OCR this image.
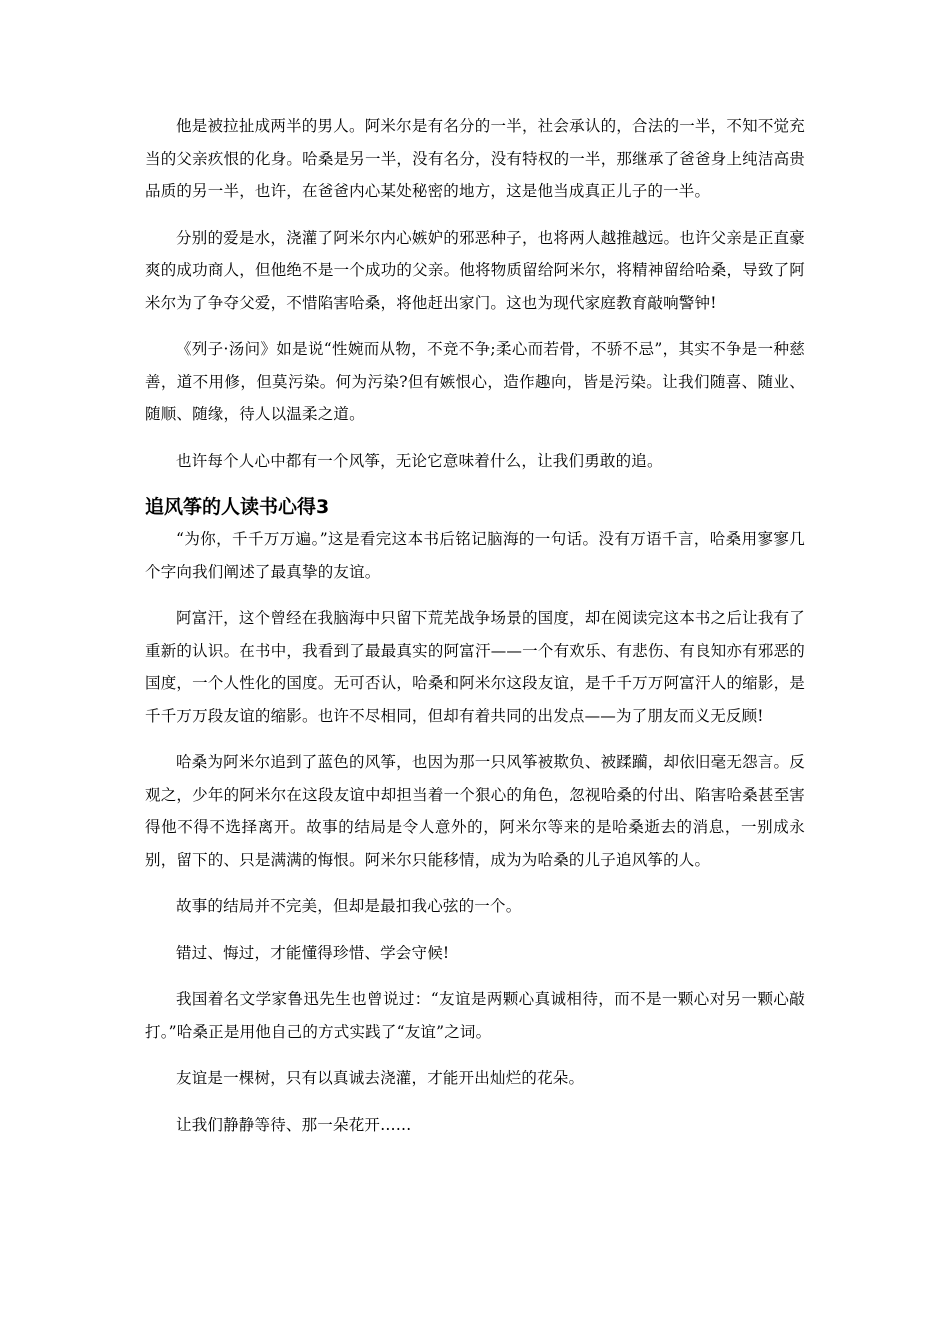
他是被拉扯成两半的男人。阿米尔是有名分的一半，社会承认的，合法的一半，不知不觉充当的父亲疚恨的化身。哈桑是另一半，没有名分，没有特权的一半，那继承了爸爸身上纯洁高贵品质的另一半，也许，在爸爸内心某处秘密的地方，这是他当成真正儿子的一半。

分别的爱是水，浇灌了阿米尔内心嫉妒的邪恶种子，也将两人越推越远。也许父亲是正直豪爽的成功商人，但他绝不是一个成功的父亲。他将物质留给阿米尔，将精神留给哈桑，导致了阿米尔为了争夺父爱，不惜陷害哈桑，将他赶出家门。这也为现代家庭教育敲响警钟!

《列子·汤问》如是说“性婉而从物，不竞不争;柔心而若骨，不骄不忌”，其实不争是一种慈善，道不用修，但莫污染。何为污染?但有嫉恨心，造作趣向，皆是污染。让我们随喜、随业、随顺、随缘，待人以温柔之道。

也许每个人心中都有一个风筝，无论它意味着什么，让我们勇敢的追。

追风筝的人读书心得3

“为你，千千万万遍。”这是看完这本书后铭记脑海的一句话。没有万语千言，哈桑用寥寥几个字向我们阐述了最真挚的友谊。

阿富汗，这个曾经在我脑海中只留下荒芜战争场景的国度，却在阅读完这本书之后让我有了重新的认识。在书中，我看到了最最真实的阿富汗——一个有欢乐、有悲伤、有良知亦有邪恶的国度，一个人性化的国度。无可否认，哈桑和阿米尔这段友谊，是千千万万阿富汗人的缩影，是千千万万段友谊的缩影。也许不尽相同，但却有着共同的出发点——为了朋友而义无反顾!

哈桑为阿米尔追到了蓝色的风筝，也因为那一只风筝被欺负、被蹂躏，却依旧毫无怨言。反观之，少年的阿米尔在这段友谊中却担当着一个狠心的角色，忽视哈桑的付出、陷害哈桑甚至害得他不得不选择离开。故事的结局是令人意外的，阿米尔等来的是哈桑逝去的消息，一别成永别，留下的、只是满满的悔恨。阿米尔只能移情，成为为哈桑的儿子追风筝的人。

故事的结局并不完美，但却是最扣我心弦的一个。

错过、悔过，才能懂得珍惜、学会守候!

我国着名文学家鲁迅先生也曾说过：“友谊是两颗心真诚相待，而不是一颗心对另一颗心敲打。”哈桑正是用他自己的方式实践了“友谊”之词。

友谊是一棵树，只有以真诚去浇灌，才能开出灿烂的花朵。

让我们静静等待、那一朵花开……
